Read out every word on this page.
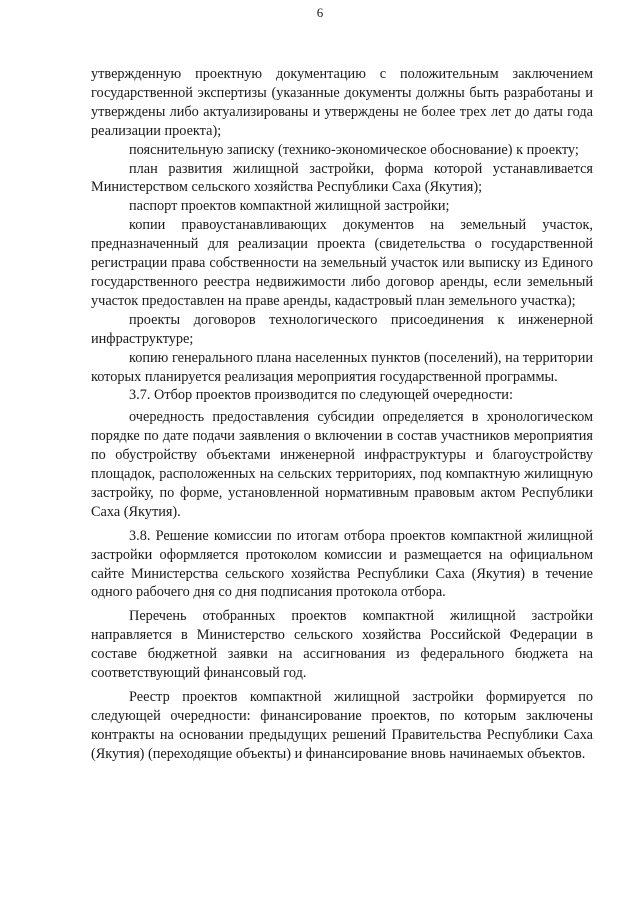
6

утвержденную проектную документацию с положительным заключением государственной экспертизы (указанные документы должны быть разработаны и утверждены либо актуализированы и утверждены не более трех лет до даты года реализации проекта);

пояснительную записку (технико-экономическое обоснование) к проекту;

план развития жилищной застройки, форма которой устанавливается Министерством сельского хозяйства Республики Саха (Якутия);

паспорт проектов компактной жилищной застройки;

копии правоустанавливающих документов на земельный участок, предназначенный для реализации проекта (свидетельства о государственной регистрации права собственности на земельный участок или выписку из Единого государственного реестра недвижимости либо договор аренды, если земельный участок предоставлен на праве аренды, кадастровый план земельного участка);

проекты договоров технологического присоединения к инженерной инфраструктуре;

копию генерального плана населенных пунктов (поселений), на территории которых планируется реализация мероприятия государственной программы.

3.7. Отбор проектов производится по следующей очередности:

очередность предоставления субсидии определяется в хронологическом порядке по дате подачи заявления о включении в состав участников мероприятия по обустройству объектами инженерной инфраструктуры и благоустройству площадок, расположенных на сельских территориях, под компактную жилищную застройку, по форме, установленной нормативным правовым актом Республики Саха (Якутия).

3.8. Решение комиссии по итогам отбора проектов компактной жилищной застройки оформляется протоколом комиссии и размещается на официальном сайте Министерства сельского хозяйства Республики Саха (Якутия) в течение одного рабочего дня со дня подписания протокола отбора.

Перечень отобранных проектов компактной жилищной застройки направляется в Министерство сельского хозяйства Российской Федерации в составе бюджетной заявки на ассигнования из федерального бюджета на соответствующий финансовый год.

Реестр проектов компактной жилищной застройки формируется по следующей очередности: финансирование проектов, по которым заключены контракты на основании предыдущих решений Правительства Республики Саха (Якутия) (переходящие объекты) и финансирование вновь начинаемых объектов.
